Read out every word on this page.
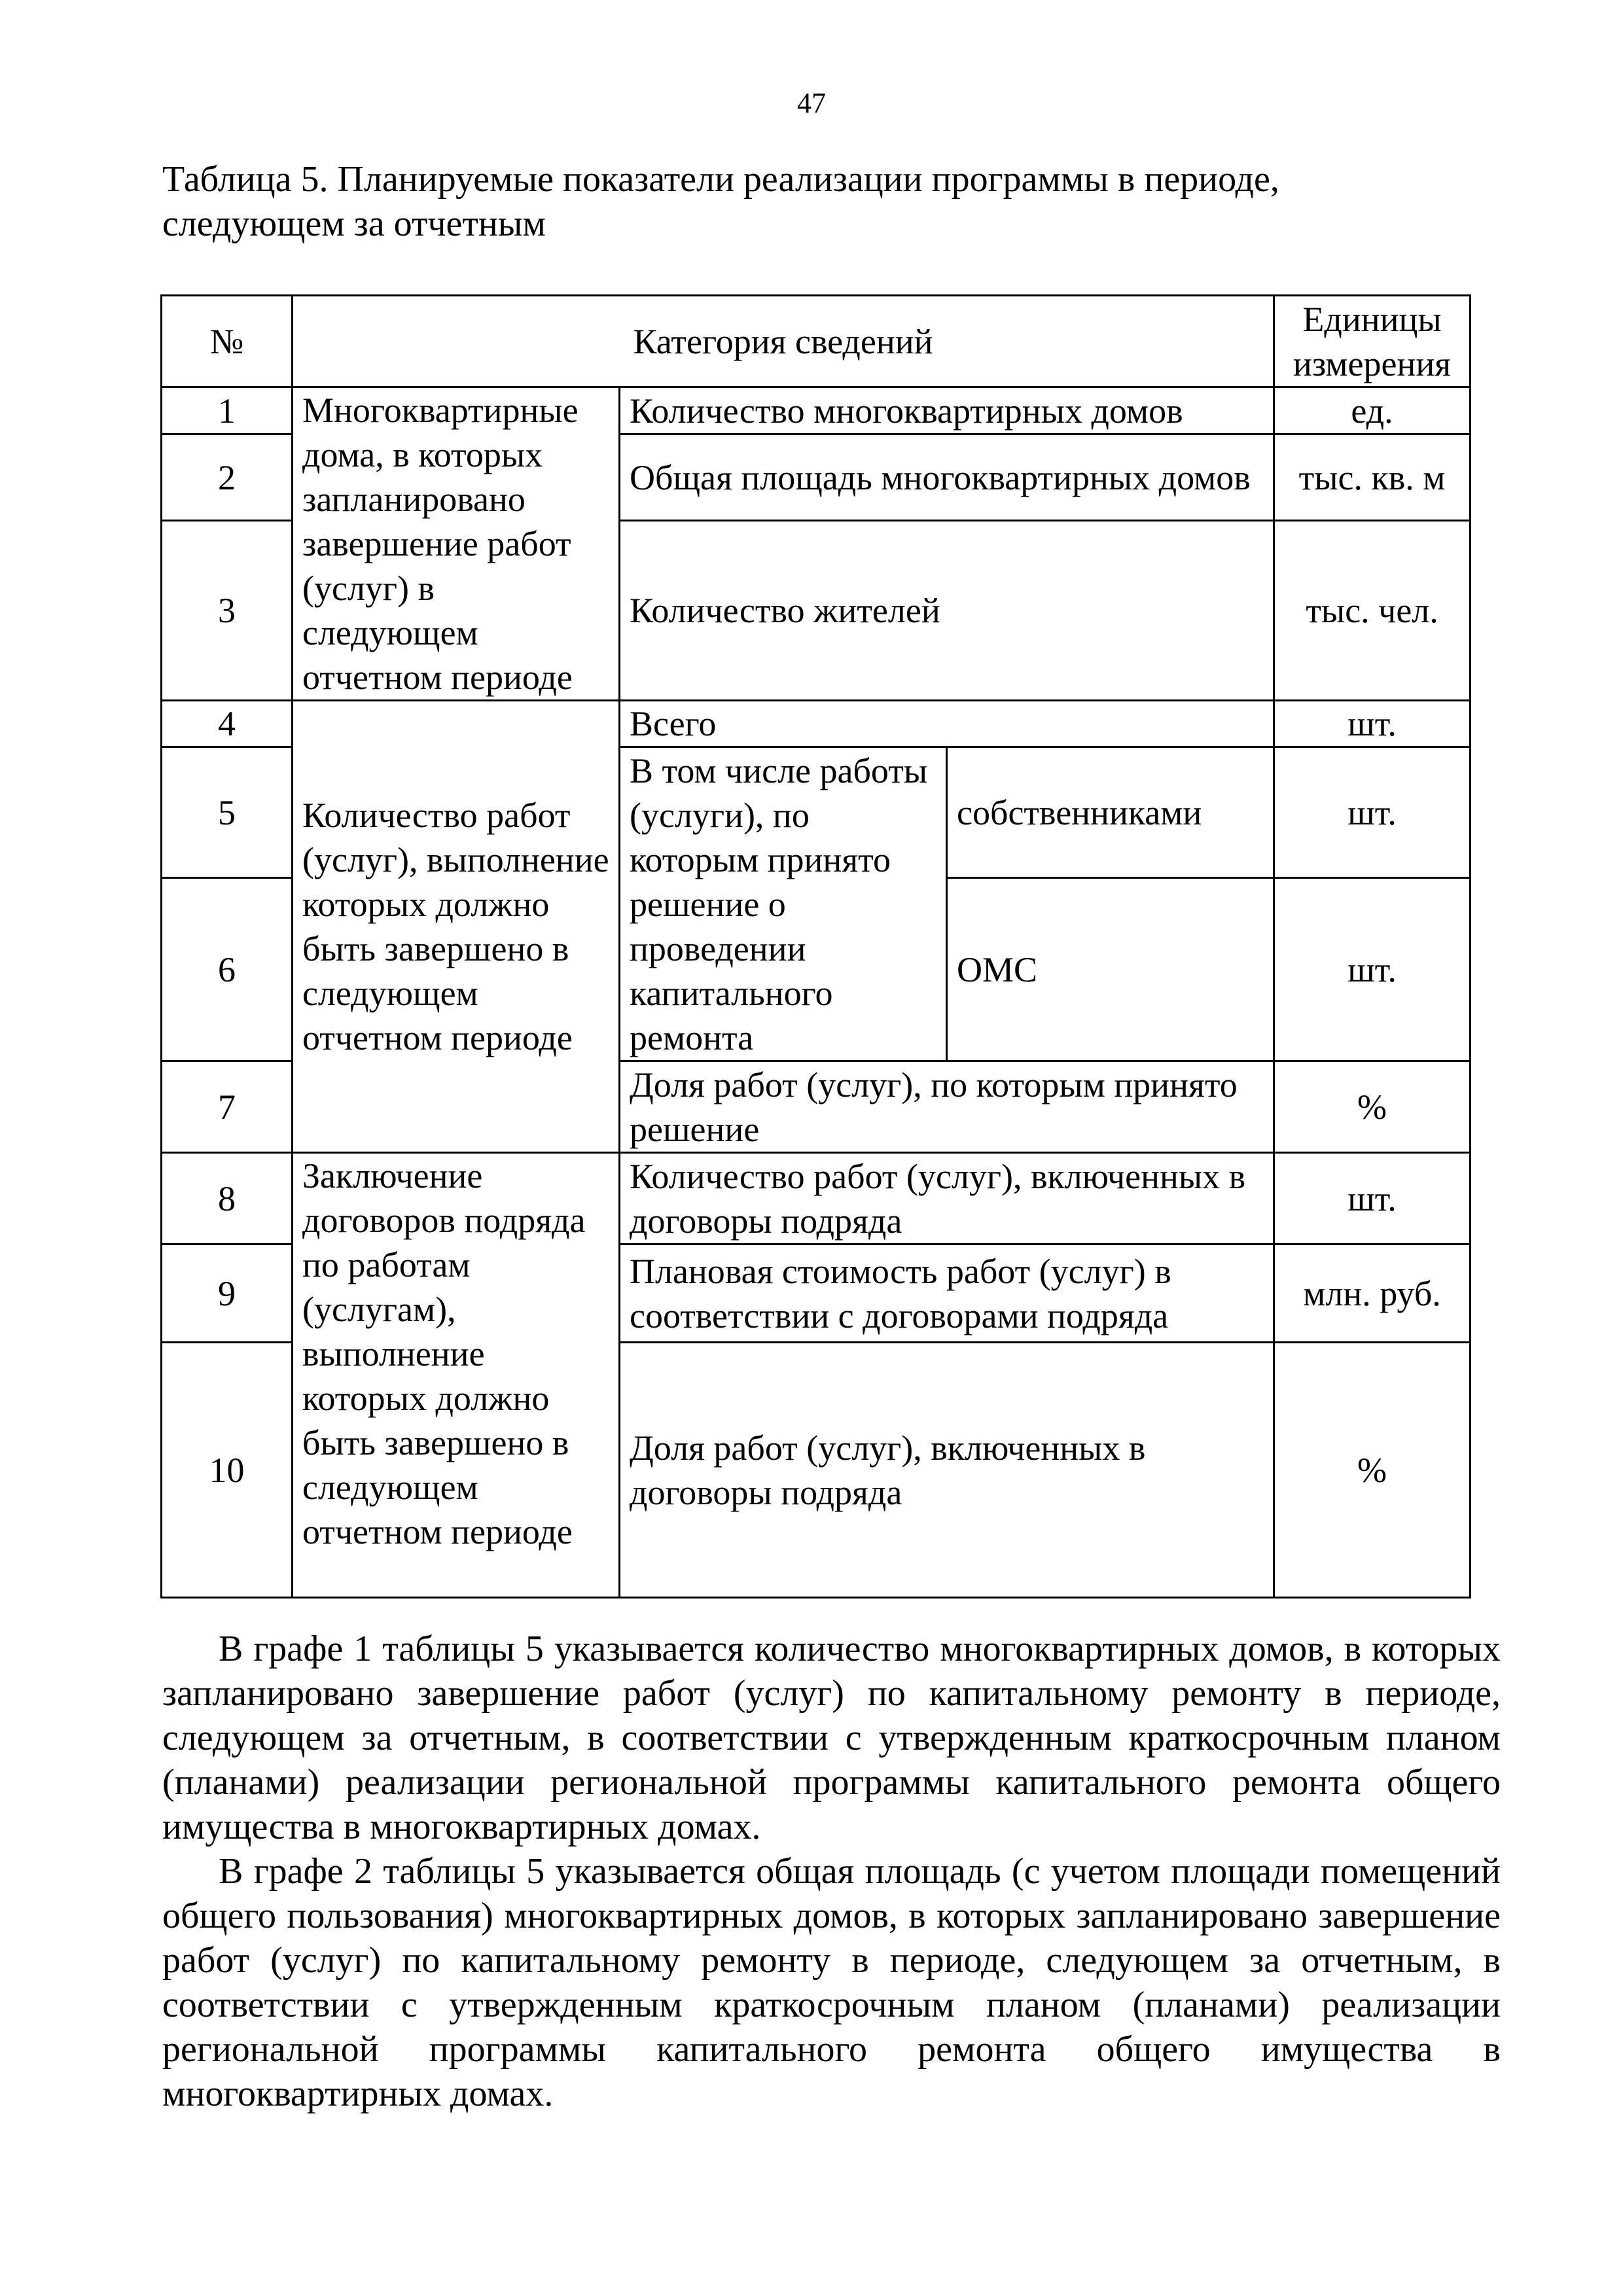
47
Таблица 5. Планируемые показатели реализации программы в периоде,
следующем за отчетным
№	Категория сведений			Единицы измерения
1	Многоквартирные дома, в которых запланировано завершение работ (услуг) в следующем отчетном периоде	Количество многоквартирных домов		ед.
2		Общая площадь многоквартирных домов		тыс. кв. м
3		Количество жителей		тыс. чел.
4	Количество работ (услуг), выполнение которых должно быть завершено в следующем отчетном периоде	Всего		шт.
5		В том числе работы (услуги), по которым принято решение о проведении капитального ремонта	собственниками	шт.
6			ОМС	шт.
7		Доля работ (услуг), по которым принято решение		%
8	Заключение договоров подряда по работам (услугам), выполнение которых должно быть завершено в следующем отчетном периоде	Количество работ (услуг), включенных в договоры подряда		шт.
9		Плановая стоимость работ (услуг) в соответствии с договорами подряда		млн. руб.
10		Доля работ (услуг), включенных в договоры подряда		%

В графе 1 таблицы 5 указывается количество многоквартирных домов, в которых запланировано завершение работ (услуг) по капитальному ремонту в периоде, следующем за отчетным, в соответствии с утвержденным краткосрочным планом (планами) реализации региональной программы капитального ремонта общего имущества в многоквартирных домах.

В графе 2 таблицы 5 указывается общая площадь (с учетом площади помещений общего пользования) многоквартирных домов, в которых запланировано завершение работ (услуг) по капитальному ремонту в периоде, следующем за отчетным, в соответствии с утвержденным краткосрочным планом (планами) реализации региональной программы капитального ремонта общего имущества в многоквартирных домах.
